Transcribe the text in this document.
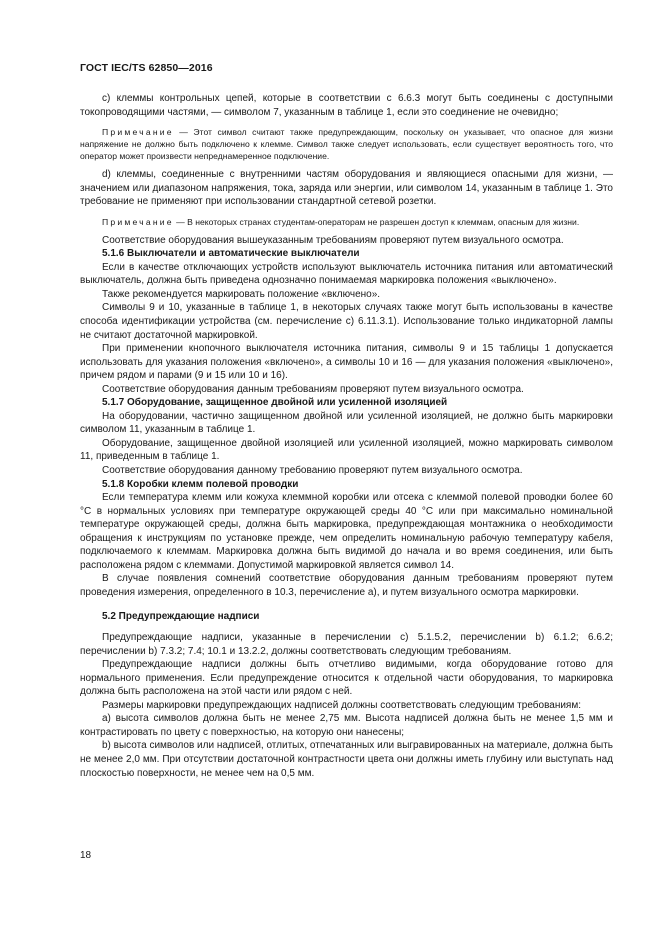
ГОСТ IEC/TS 62850—2016

c) клеммы контрольных цепей, которые в соответствии с 6.6.3 могут быть соединены с доступными токопроводящими частями, — символом 7, указанным в таблице 1, если это соединение не очевидно;

Примечание — Этот символ считают также предупреждающим, поскольку он указывает, что опасное для жизни напряжение не должно быть подключено к клемме. Символ также следует использовать, если существует вероятность того, что оператор может произвести непреднамеренное подключение.

d) клеммы, соединенные с внутренними частям оборудования и являющиеся опасными для жизни, — значением или диапазоном напряжения, тока, заряда или энергии, или символом 14, указанным в таблице 1. Это требование не применяют при использовании стандартной сетевой розетки.

Примечание — В некоторых странах студентам-операторам не разрешен доступ к клеммам, опасным для жизни.

Соответствие оборудования вышеуказанным требованиям проверяют путем визуального осмотра.

5.1.6 Выключатели и автоматические выключатели

Если в качестве отключающих устройств используют выключатель источника питания или автоматический выключатель, должна быть приведена однозначно понимаемая маркировка положения «выключено».

Также рекомендуется маркировать положение «включено».

Символы 9 и 10, указанные в таблице 1, в некоторых случаях также могут быть использованы в качестве способа идентификации устройства (см. перечисление с) 6.11.3.1). Использование только индикаторной лампы не считают достаточной маркировкой.

При применении кнопочного выключателя источника питания, символы 9 и 15 таблицы 1 допускается использовать для указания положения «включено», а символы 10 и 16 — для указания положения «выключено», причем рядом и парами (9 и 15 или 10 и 16).

Соответствие оборудования данным требованиям проверяют путем визуального осмотра.

5.1.7 Оборудование, защищенное двойной или усиленной изоляцией

На оборудовании, частично защищенном двойной или усиленной изоляцией, не должно быть маркировки символом 11, указанным в таблице 1.

Оборудование, защищенное двойной изоляцией или усиленной изоляцией, можно маркировать символом 11, приведенным в таблице 1.

Соответствие оборудования данному требованию проверяют путем визуального осмотра.

5.1.8 Коробки клемм полевой проводки

Если температура клемм или кожуха клеммной коробки или отсека с клеммой полевой проводки более 60 °С в нормальных условиях при температуре окружающей среды 40 °С или при максимально номинальной температуре окружающей среды, должна быть маркировка, предупреждающая монтажника о необходимости обращения к инструкциям по установке прежде, чем определить номинальную рабочую температуру кабеля, подключаемого к клеммам. Маркировка должна быть видимой до начала и во время соединения, или быть расположена рядом с клеммами. Допустимой маркировкой является символ 14.

В случае появления сомнений соответствие оборудования данным требованиям проверяют путем проведения измерения, определенного в 10.3, перечисление a), и путем визуального осмотра маркировки.

5.2 Предупреждающие надписи

Предупреждающие надписи, указанные в перечислении с) 5.1.5.2, перечислении b) 6.1.2; 6.6.2; перечислении b) 7.3.2; 7.4; 10.1 и 13.2.2, должны соответствовать следующим требованиям.

Предупреждающие надписи должны быть отчетливо видимыми, когда оборудование готово для нормального применения. Если предупреждение относится к отдельной части оборудования, то маркировка должна быть расположена на этой части или рядом с ней.

Размеры маркировки предупреждающих надписей должны соответствовать следующим требованиям:

a) высота символов должна быть не менее 2,75 мм. Высота надписей должна быть не менее 1,5 мм и контрастировать по цвету с поверхностью, на которую они нанесены;

b) высота символов или надписей, отлитых, отпечатанных или выгравированных на материале, должна быть не менее 2,0 мм. При отсутствии достаточной контрастности цвета они должны иметь глубину или выступать над плоскостью поверхности, не менее чем на 0,5 мм.

18
